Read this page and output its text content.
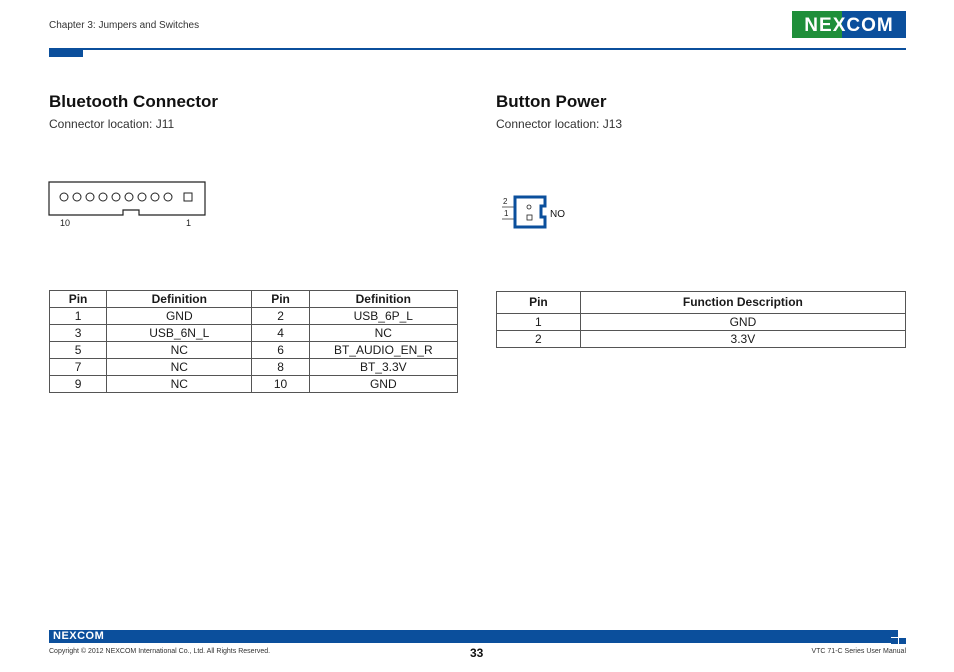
Chapter 3: Jumpers and Switches	NEXCOM
Bluetooth Connector
Connector location: J11
10	1
Pin	Definition	Pin	Definition
1	GND	2	USB_6P_L
3	USB_6N_L	4	NC
5	NC	6	BT_AUDIO_EN_R
7	NC	8	BT_3.3V
9	NC	10	GND
Button Power
Connector location: J13
2
1	NO
Pin	Function Description
1	GND
2	3.3V
NEXCOM
Copyright © 2012 NEXCOM International Co., Ltd. All Rights Reserved.	33	VTC 71-C Series User Manual
